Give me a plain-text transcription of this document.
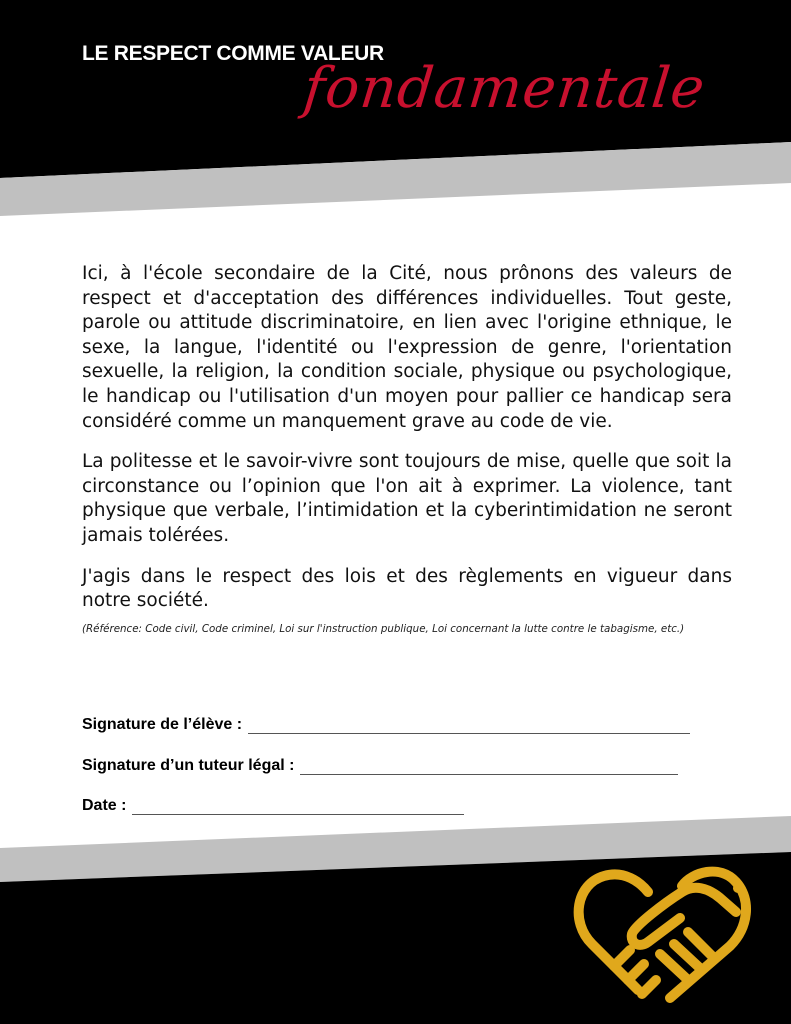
LE RESPECT COMME VALEUR
fondamentale

Ici, à l'école secondaire de la Cité, nous prônons des valeurs de respect et d'acceptation des différences individuelles. Tout geste, parole ou attitude discriminatoire, en lien avec l'origine ethnique, le sexe, la langue, l'identité ou l'expression de genre, l'orientation sexuelle, la religion, la condition sociale, physique ou psychologique, le handicap ou l'utilisation d'un moyen pour pallier ce handicap sera considéré comme un manquement grave au code de vie.

La politesse et le savoir-vivre sont toujours de mise, quelle que soit la circonstance ou l’opinion que l'on ait à exprimer. La violence, tant physique que verbale, l’intimidation et la cyberintimidation ne seront jamais tolérées.

J'agis dans le respect des lois et des règlements en vigueur dans notre société.

(Référence: Code civil, Code criminel, Loi sur l'instruction publique, Loi concernant la lutte contre le tabagisme, etc.)
Signature de l’élève :
Signature d’un tuteur légal :
Date :
